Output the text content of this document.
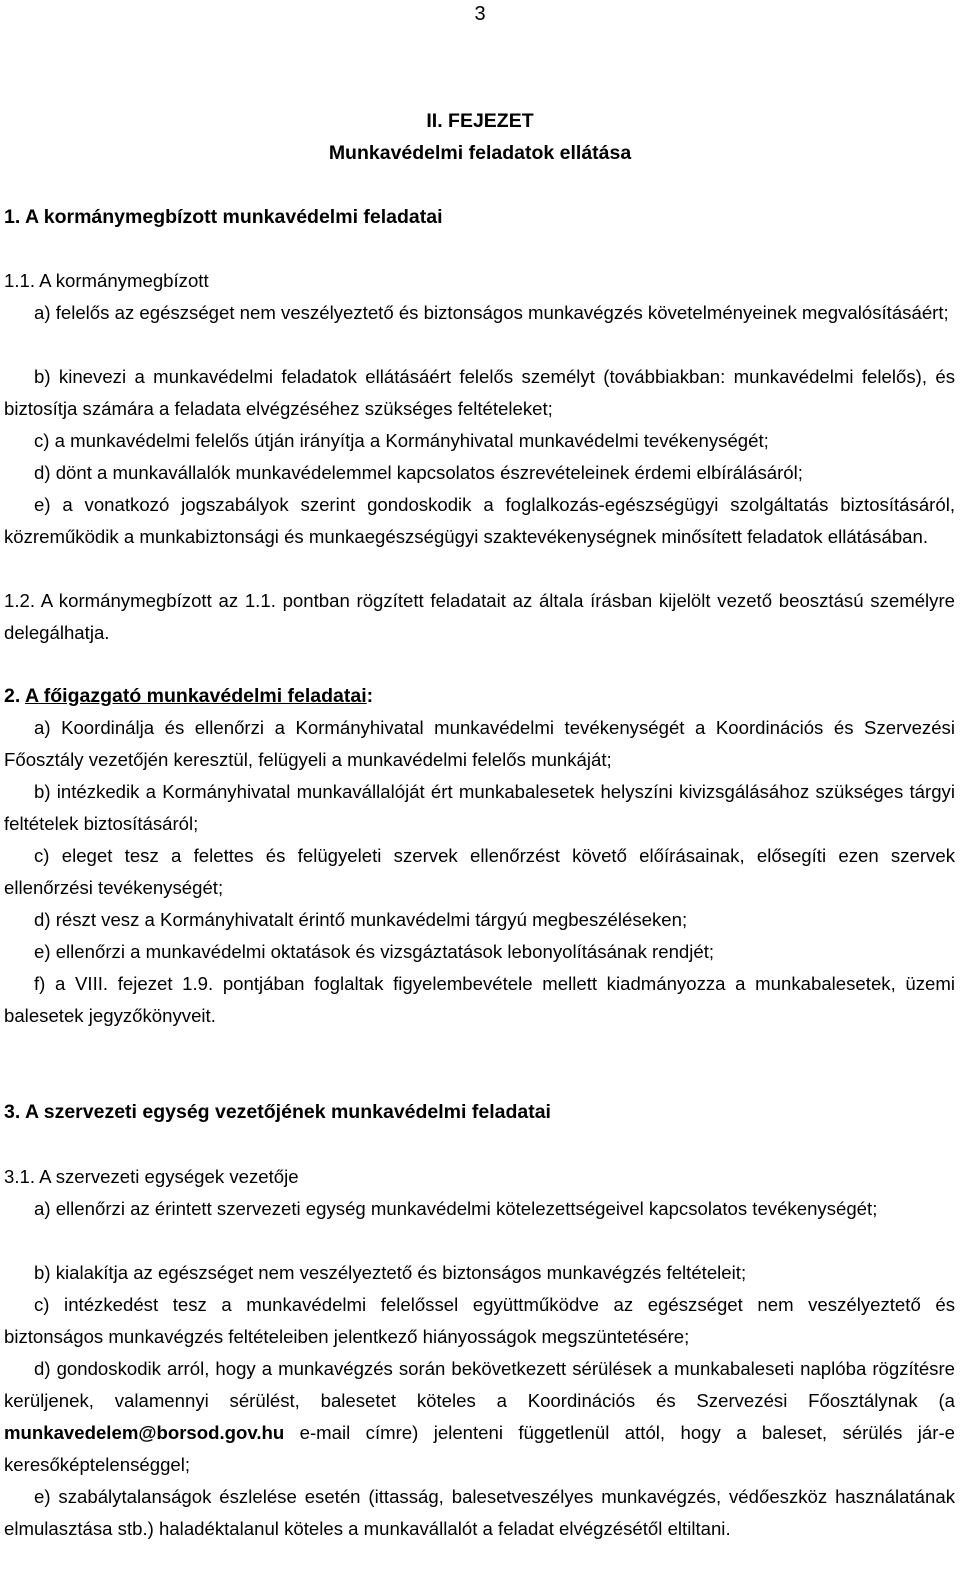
3
II. FEJEZET
Munkavédelmi feladatok ellátása
1. A kormánymegbízott munkavédelmi feladatai
1.1. A kormánymegbízott
a) felelős az egészséget nem veszélyeztető és biztonságos munkavégzés követelményeinek megvalósításáért;
b) kinevezi a munkavédelmi feladatok ellátásáért felelős személyt (továbbiakban: munkavédelmi felelős), és biztosítja számára a feladata elvégzéséhez szükséges feltételeket;
c) a munkavédelmi felelős útján irányítja a Kormányhivatal munkavédelmi tevékenységét;
d) dönt a munkavállalók munkavédelemmel kapcsolatos észrevételeinek érdemi elbírálásáról;
e) a vonatkozó jogszabályok szerint gondoskodik a foglalkozás-egészségügyi szolgáltatás biztosításáról, közreműködik a munkabiztonsági és munkaegészségügyi szaktevékenységnek minősített feladatok ellátásában.
1.2. A kormánymegbízott az 1.1. pontban rögzített feladatait az általa írásban kijelölt vezető beosztású személyre delegálhatja.
2. A főigazgató munkavédelmi feladatai:
a) Koordinálja és ellenőrzi a Kormányhivatal munkavédelmi tevékenységét a Koordinációs és Szervezési Főosztály vezetőjén keresztül, felügyeli a munkavédelmi felelős munkáját;
b) intézkedik a Kormányhivatal munkavállalóját ért munkabalesetek helyszíni kivizsgálásához szükséges tárgyi feltételek biztosításáról;
c) eleget tesz a felettes és felügyeleti szervek ellenőrzést követő előírásainak, elősegíti ezen szervek ellenőrzési tevékenységét;
d) részt vesz a Kormányhivatalt érintő munkavédelmi tárgyú megbeszéléseken;
e) ellenőrzi a munkavédelmi oktatások és vizsgáztatások lebonyolításának rendjét;
f) a VIII. fejezet 1.9. pontjában foglaltak figyelembevétele mellett kiadmányozza a munkabalesetek, üzemi balesetek jegyzőkönyveit.
3. A szervezeti egység vezetőjének munkavédelmi feladatai
3.1. A szervezeti egységek vezetője
a) ellenőrzi az érintett szervezeti egység munkavédelmi kötelezettségeivel kapcsolatos tevékenységét;
b) kialakítja az egészséget nem veszélyeztető és biztonságos munkavégzés feltételeit;
c) intézkedést tesz a munkavédelmi felelőssel együttműködve az egészséget nem veszélyeztető és biztonságos munkavégzés feltételeiben jelentkező hiányosságok megszüntetésére;
d) gondoskodik arról, hogy a munkavégzés során bekövetkezett sérülések a munkabaleseti naplóba rögzítésre kerüljenek, valamennyi sérülést, balesetet köteles a Koordinációs és Szervezési Főosztálynak (a munkavedelem@borsod.gov.hu e-mail címre) jelenteni függetlenül attól, hogy a baleset, sérülés jár-e keresőképtelenséggel;
e) szabálytalanságok észlelése esetén (ittasság, balesetveszélyes munkavégzés, védőeszköz használatának elmulasztása stb.) haladéktalanul köteles a munkavállalót a feladat elvégzésétől eltiltani.
